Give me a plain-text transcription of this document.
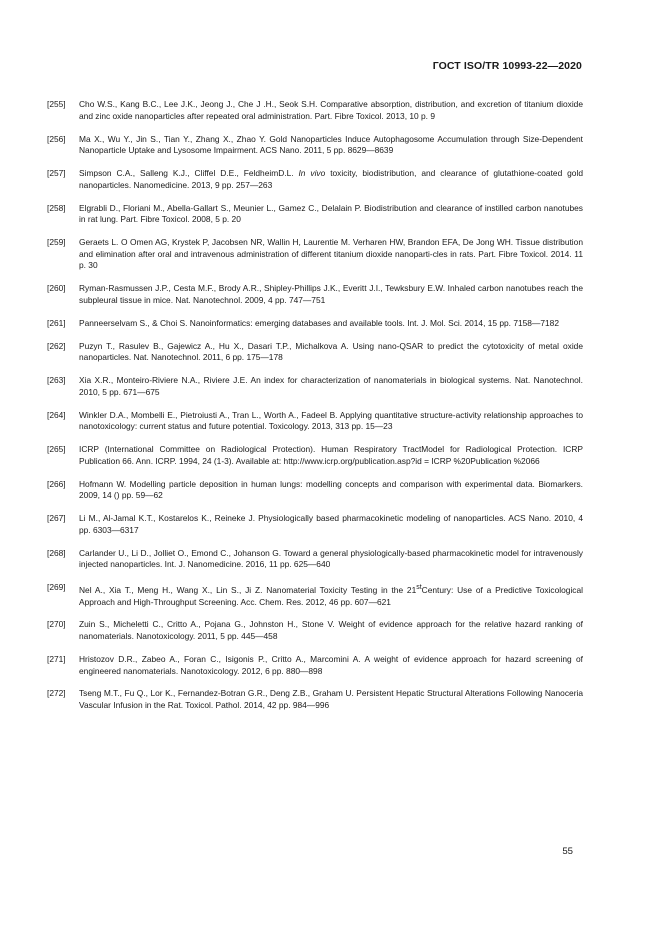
ГОСТ ISO/TR 10993-22—2020
[255]	Cho W.S., Kang B.C., Lee J.K., Jeong J., Che J .H., Seok S.H. Comparative absorption, distribution, and excretion of titanium dioxide and zinc oxide nanoparticles after repeated oral administration. Part. Fibre Toxicol. 2013, 10 p. 9
[256]	Ma X., Wu Y., Jin S., Tian Y., Zhang X., Zhao Y. Gold Nanoparticles Induce Autophagosome Accumulation through Size-Dependent Nanoparticle Uptake and Lysosome Impairment. ACS Nano. 2011, 5 pp. 8629—8639
[257]	Simpson C.A., Salleng K.J., Cliffel D.E., FeldheimD.L. In vivo toxicity, biodistribution, and clearance of glutathione-coated gold nanoparticles. Nanomedicine. 2013, 9 pp. 257—263
[258]	Elgrabli D., Floriani M., Abella-Gallart S., Meunier L., Gamez C., Delalain P. Biodistribution and clearance of instilled carbon nanotubes in rat lung. Part. Fibre Toxicol. 2008, 5 p. 20
[259]	Geraets L. O Omen AG, Krystek P, Jacobsen NR, Wallin H, Laurentie M. Verharen HW, Brandon EFA, De Jong WH. Tissue distribution and elimination after oral and intravenous administration of different titanium dioxide nanoparti-cles in rats. Part. Fibre Toxicol. 2014. 11 p. 30
[260]	Ryman-Rasmussen J.P., Cesta M.F., Brody A.R., Shipley-Phillips J.K., Everitt J.I., Tewksbury E.W. Inhaled carbon nanotubes reach the subpleural tissue in mice. Nat. Nanotechnol. 2009, 4 pp. 747—751
[261]	Panneerselvam S., & Choi S. Nanoinformatics: emerging databases and available tools. Int. J. Mol. Sci. 2014, 15 pp. 7158—7182
[262]	Puzyn T., Rasulev B., Gajewicz A., Hu X., Dasari T.P., Michalkova A. Using nano-QSAR to predict the cytotoxicity of metal oxide nanoparticles. Nat. Nanotechnol. 2011, 6 pp. 175—178
[263]	Xia X.R., Monteiro-Riviere N.A., Riviere J.E. An index for characterization of nanomaterials in biological systems. Nat. Nanotechnol. 2010, 5 pp. 671—675
[264]	Winkler D.A., Mombelli E., Pietroiusti A., Tran L., Worth A., Fadeel B. Applying quantitative structure-activity relationship approaches to nanotoxicology: current status and future potential. Toxicology. 2013, 313 pp. 15—23
[265]	ICRP (International Committee on Radiological Protection). Human Respiratory TractModel for Radiological Protection. ICRP Publication 66. Ann. ICRP. 1994, 24 (1-3). Available at: http://www.icrp.org/publication.asp?id = ICRP %20Publication %2066
[266]	Hofmann W. Modelling particle deposition in human lungs: modelling concepts and comparison with experimental data. Biomarkers. 2009, 14 () pp. 59—62
[267]	Li M., Al-Jamal K.T., Kostarelos K., Reineke J. Physiologically based pharmacokinetic modeling of nanoparticles. ACS Nano. 2010, 4 pp. 6303—6317
[268]	Carlander U., Li D., Jolliet O., Emond C., Johanson G. Toward a general physiologically-based pharmacokinetic model for intravenously injected nanoparticles. Int. J. Nanomedicine. 2016, 11 pp. 625—640
[269]	Nel A., Xia T., Meng H., Wang X., Lin S., Ji Z. Nanomaterial Toxicity Testing in the 21stCentury: Use of a Predictive Toxicological Approach and High-Throughput Screening. Acc. Chem. Res. 2012, 46 pp. 607—621
[270]	Zuin S., Micheletti C., Critto A., Pojana G., Johnston H., Stone V. Weight of evidence approach for the relative hazard ranking of nanomaterials. Nanotoxicology. 2011, 5 pp. 445—458
[271]	Hristozov D.R., Zabeo A., Foran C., Isigonis P., Critto A., Marcomini A. A weight of evidence approach for hazard screening of engineered nanomaterials. Nanotoxicology. 2012, 6 pp. 880—898
[272]	Tseng M.T., Fu Q., Lor K., Fernandez-Botran G.R., Deng Z.B., Graham U. Persistent Hepatic Structural Alterations Following Nanoceria Vascular Infusion in the Rat. Toxicol. Pathol. 2014, 42 pp. 984—996
55
